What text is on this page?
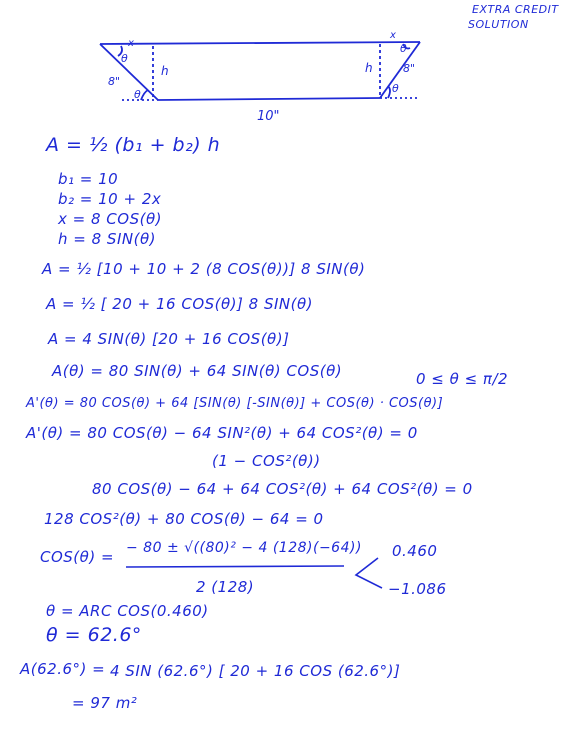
EXTRA CREDIT
SOLUTION
θ
x
x
θ
h	h
8"
8"
θ	θ
10"
A = ½ (b₁ + b₂) h
b₁ = 10
b₂ = 10 + 2x
x = 8 COS(θ)
h = 8 SIN(θ)
A = ½ [10 + 10 + 2 (8 COS(θ))] 8 SIN(θ)
A = ½ [ 20 + 16 COS(θ)] 8 SIN(θ)
A = 4 SIN(θ) [20 + 16 COS(θ)]
A(θ) = 80 SIN(θ) + 64 SIN(θ) COS(θ)	0 ≤ θ ≤ π/2
A'(θ) = 80 COS(θ) + 64 [SIN(θ) [-SIN(θ)] + COS(θ) · COS(θ)]
A'(θ) = 80 COS(θ) − 64 SIN²(θ) + 64 COS²(θ) = 0
(1 − COS²(θ))
80 COS(θ) − 64 + 64 COS²(θ) + 64 COS²(θ) = 0
128 COS²(θ) + 80 COS(θ) − 64 = 0
COS(θ) = − 80 ± √((80)² − 4 (128)(−64))
2 (128)
0.460
−1.086
θ = ARC COS(0.460)
θ = 62.6°
A(62.6°) = 4 SIN (62.6°) [ 20 + 16 COS (62.6°)]
= 97 m²
